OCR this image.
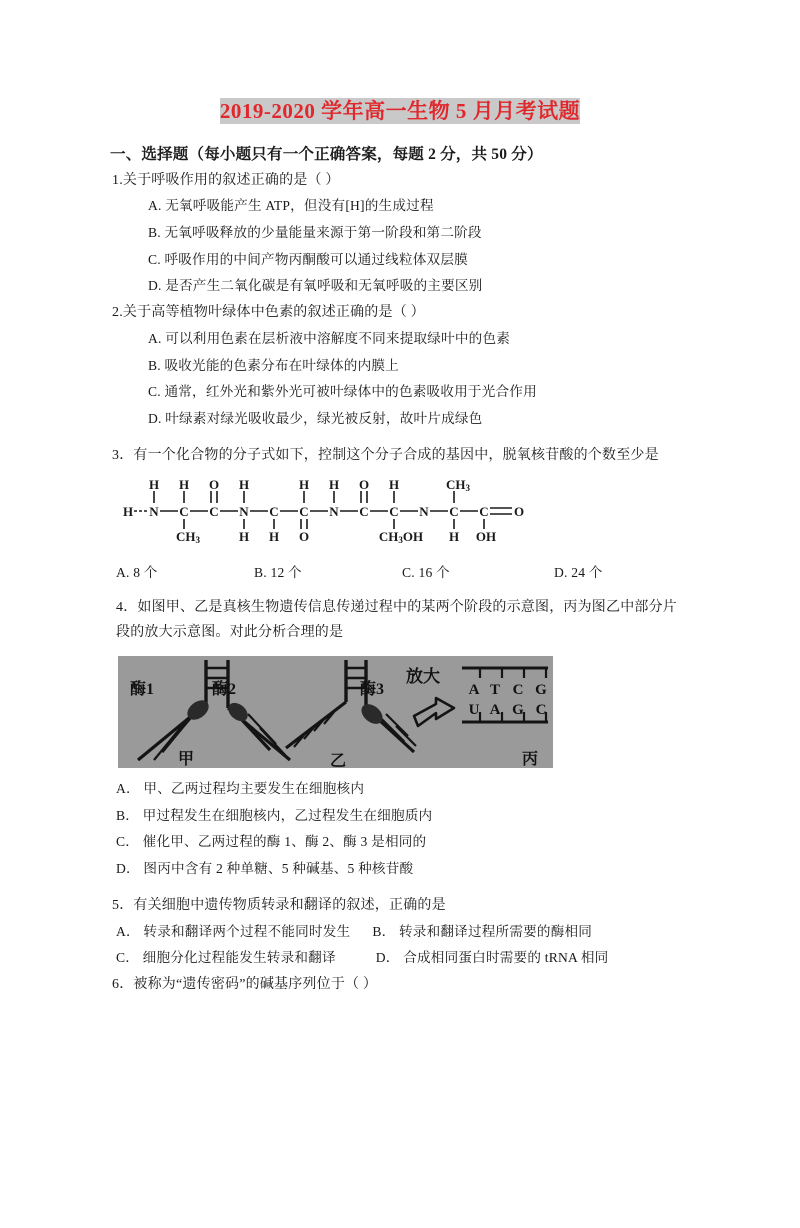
2019-2020 学年高一生物 5 月月考试题
一、选择题（每小题只有一个正确答案，每题 2 分，共 50 分）
1.关于呼吸作用的叙述正确的是（ ）
A. 无氧呼吸能产生 ATP，但没有[H]的生成过程
B. 无氧呼吸释放的少量能量来源于第一阶段和第二阶段
C. 呼吸作用的中间产物丙酮酸可以通过线粒体双层膜
D. 是否产生二氧化碳是有氧呼吸和无氧呼吸的主要区别
2.关于高等植物叶绿体中色素的叙述正确的是（ ）
A. 可以利用色素在层析液中溶解度不同来提取绿叶中的色素
B. 吸收光能的色素分布在叶绿体的内膜上
C. 通常，红外光和紫外光可被叶绿体中的色素吸收用于光合作用
D. 叶绿素对绿光吸收最少，绿光被反射，故叶片成绿色
3．有一个化合物的分子式如下，控制这个分子合成的基因中，脱氧核苷酸的个数至少是
H N C C N C C N C C N C C O
H H O H	H H O H	CH3
CH3	H H O	CH3OH H OH
A. 8 个	B. 12 个	C. 16 个	D. 24 个
4．如图甲、乙是真核生物遗传信息传递过程中的某两个阶段的示意图，丙为图乙中部分片
段的放大示意图。对此分析合理的是
A T C G
U A G C
酶1	酶2	酶3
放大
甲	乙	丙
A． 甲、乙两过程均主要发生在细胞核内
B． 甲过程发生在细胞核内，乙过程发生在细胞质内
C． 催化甲、乙两过程的酶 1、酶 2、酶 3 是相同的
D． 图丙中含有 2 种单糖、5 种碱基、5 种核苷酸
5．有关细胞中遗传物质转录和翻译的叙述，正确的是
A． 转录和翻译两个过程不能同时发生 B． 转录和翻译过程所需要的酶相同
C． 细胞分化过程能发生转录和翻译	D． 合成相同蛋白时需要的 tRNA 相同
6．被称为“遗传密码”的碱基序列位于（ ）
